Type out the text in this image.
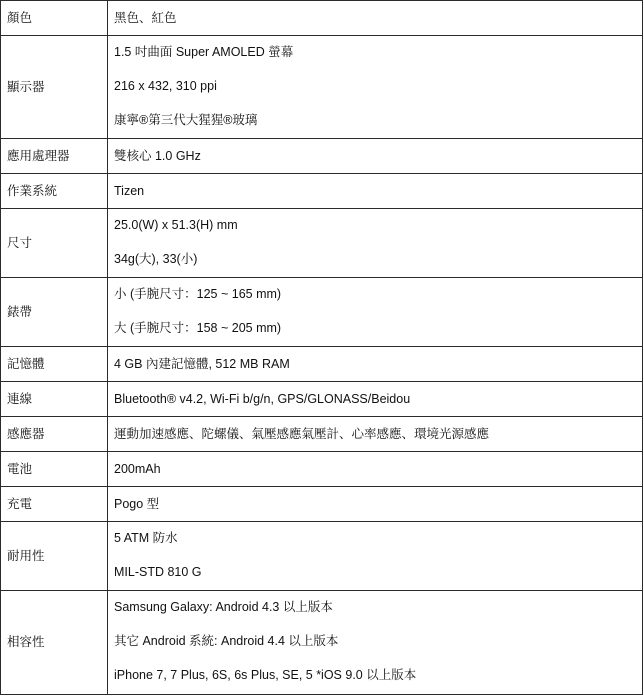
顏色	黑色、紅色

顯示器	1.5 吋曲面 Super AMOLED 螢幕
216 x 432, 310 ppi
康寧®第三代大猩猩®玻璃

應用處理器	雙核心 1.0 GHz

作業系統	Tizen

尺寸	25.0(W) x 51.3(H) mm
34g(大), 33(小)

錶帶	小 (手腕尺寸：125 ~ 165 mm)
大 (手腕尺寸：158 ~ 205 mm)

記憶體	4 GB 內建記憶體, 512 MB RAM

連線	Bluetooth® v4.2, Wi-Fi b/g/n, GPS/GLONASS/Beidou

感應器	運動加速感應、陀螺儀、氣壓感應氣壓計、心率感應、環境光源感應

電池	200mAh

充電	Pogo 型

耐用性	5 ATM 防水
MIL-STD 810 G

相容性	Samsung Galaxy: Android 4.3 以上版本
其它 Android 系統: Android 4.4 以上版本
iPhone 7, 7 Plus, 6S, 6s Plus, SE, 5 *iOS 9.0 以上版本
